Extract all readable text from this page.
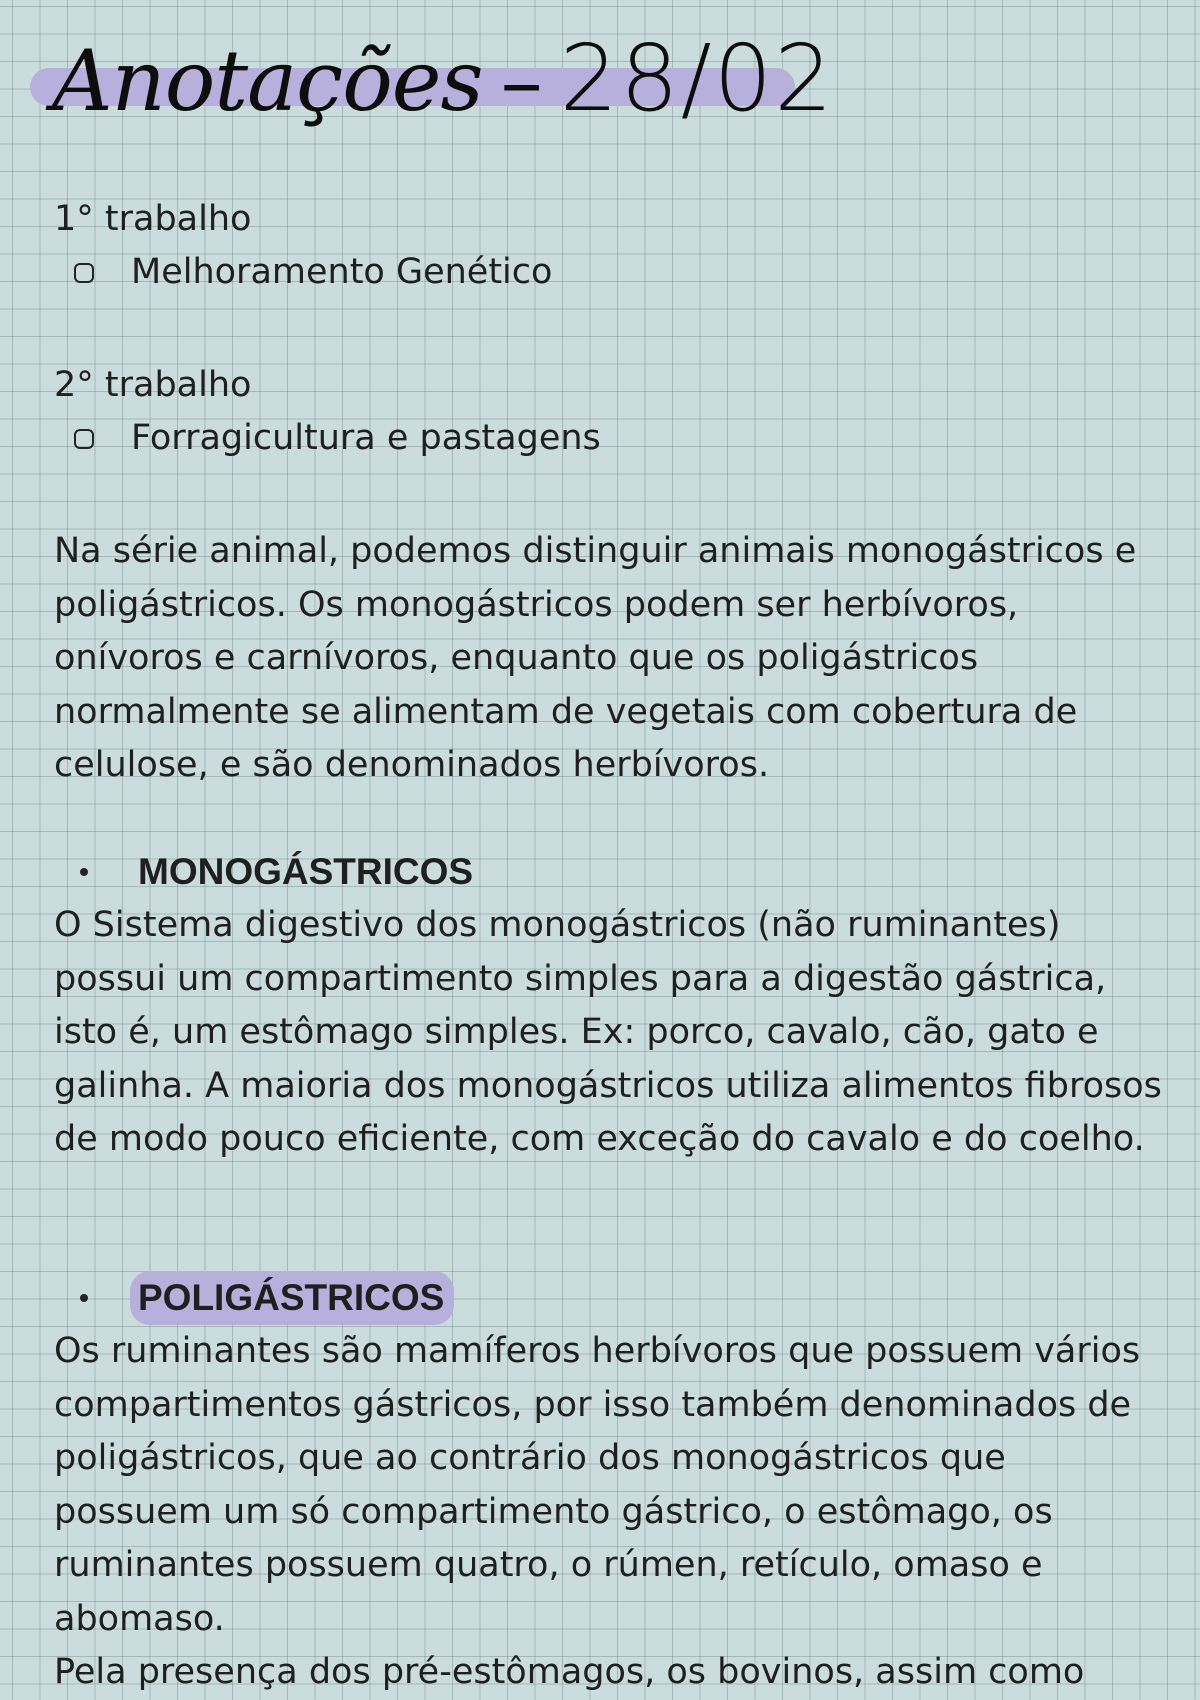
Anotações – 28/02
1° trabalho
Melhoramento Genético
2° trabalho
Forragicultura e pastagens

Na série animal, podemos distinguir animais monogástricos e poligástricos. Os monogástricos podem ser herbívoros, onívoros e carnívoros, enquanto que os poligástricos normalmente se alimentam de vegetais com cobertura de celulose, e são denominados herbívoros.

MONOGÁSTRICOS

O Sistema digestivo dos monogástricos (não ruminantes) possui um compartimento simples para a digestão gástrica, isto é, um estômago simples. Ex: porco, cavalo, cão, gato e galinha. A maioria dos monogástricos utiliza alimentos fibrosos de modo pouco eficiente, com exceção do cavalo e do coelho.

POLIGÁSTRICOS

Os ruminantes são mamíferos herbívoros que possuem vários compartimentos gástricos, por isso também denominados de poligástricos, que ao contrário dos monogástricos que possuem um só compartimento gástrico, o estômago, os ruminantes possuem quatro, o rúmen, retículo, omaso e abomaso.

Pela presença dos pré-estômagos, os bovinos, assim como
